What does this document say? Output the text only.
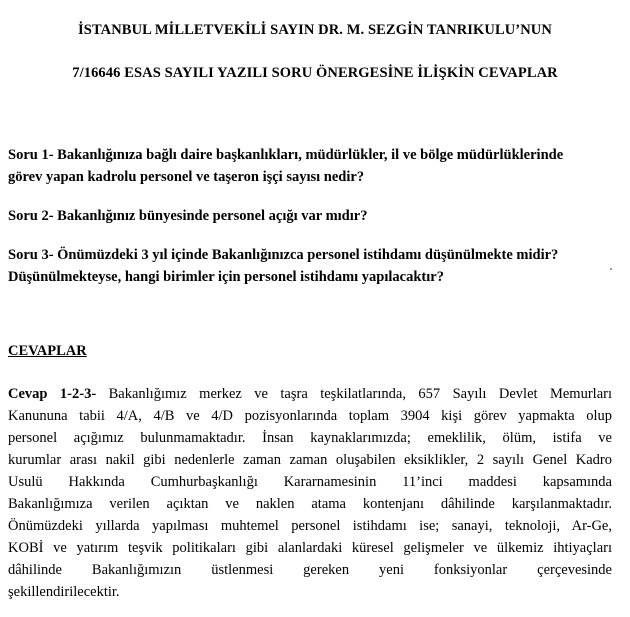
İSTANBUL MİLLETVEKİLİ SAYIN DR. M. SEZGİN TANRIKULU’NUN
7/16646 ESAS SAYILI YAZILI SORU ÖNERGESİNE İLİŞKİN CEVAPLAR
Soru 1- Bakanlığınıza bağlı daire başkanlıkları, müdürlükler, il ve bölge müdürlüklerinde
görev yapan kadrolu personel ve taşeron işçi sayısı nedir?
Soru 2- Bakanlığınız bünyesinde personel açığı var mıdır?
Soru 3- Önümüzdeki 3 yıl içinde Bakanlığınızca personel istihdamı düşünülmekte midir?
Düşünülmekteyse, hangi birimler için personel istihdamı yapılacaktır?
CEVAPLAR
Cevap 1-2-3- Bakanlığımız merkez ve taşra teşkilatlarında, 657 Sayılı Devlet Memurları
Kanununa tabii 4/A, 4/B ve 4/D pozisyonlarında toplam 3904 kişi görev yapmakta olup
personel açığımız bulunmamaktadır. İnsan kaynaklarımızda; emeklilik, ölüm, istifa ve
kurumlar arası nakil gibi nedenlerle zaman zaman oluşabilen eksiklikler, 2 sayılı Genel Kadro
Usulü Hakkında Cumhurbaşkanlığı Kararnamesinin 11’inci maddesi kapsamında
Bakanlığımıza verilen açıktan ve naklen atama kontenjanı dâhilinde karşılanmaktadır.
Önümüzdeki yıllarda yapılması muhtemel personel istihdamı ise; sanayi, teknoloji, Ar-Ge,
KOBİ ve yatırım teşvik politikaları gibi alanlardaki küresel gelişmeler ve ülkemiz ihtiyaçları
dâhilinde Bakanlığımızın üstlenmesi gereken yeni fonksiyonlar çerçevesinde
şekillendirilecektir.
